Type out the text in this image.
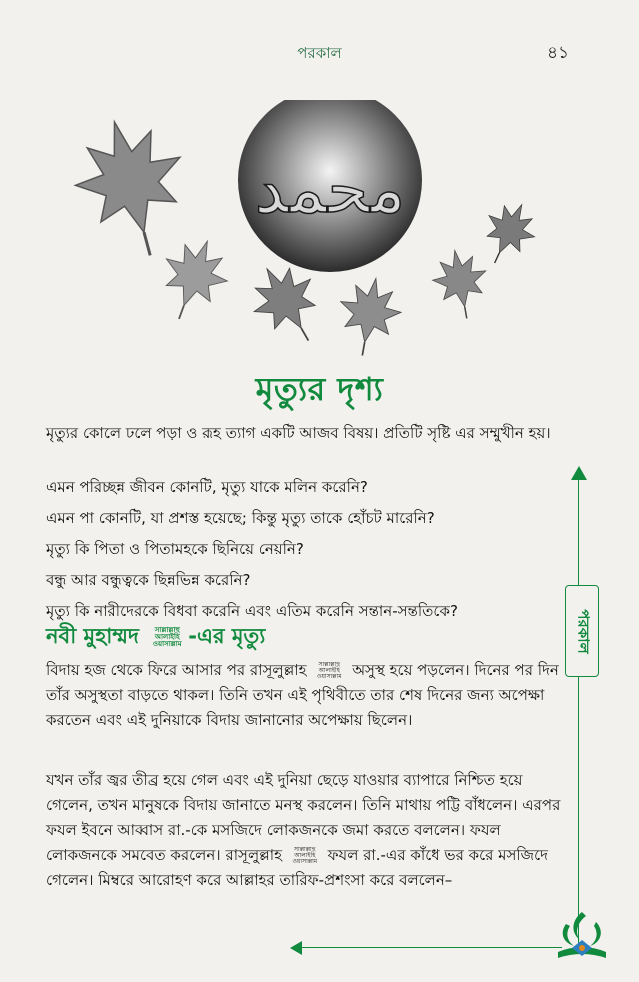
পরকাল	৪১
محمد
মৃত্যুর দৃশ্য

মৃত্যুর কোলে ঢলে পড়া ও রূহ ত্যাগ একটি আজব বিষয়। প্রতিটি সৃষ্টি এর সম্মুখীন হয়।

এমন পরিচ্ছন্ন জীবন কোনটি, মৃত্যু যাকে মলিন করেনি?

এমন পা কোনটি, যা প্রশস্ত হয়েছে; কিন্তু মৃত্যু তাকে হোঁচট মারেনি?

মৃত্যু কি পিতা ও পিতামহকে ছিনিয়ে নেয়নি?

বন্ধু আর বন্ধুত্বকে ছিন্নভিন্ন করেনি?

মৃত্যু কি নারীদেরকে বিধবা করেনি এবং এতিম করেনি সন্তান-সন্ততিকে?

নবী মুহাম্মদ সাল্লাল্লাহু আলাইহি ওয়াসাল্লাম -এর মৃত্যু

বিদায় হজ থেকে ফিরে আসার পর রাসূলুল্লাহ সাল্লাল্লাহু আলাইহি ওয়াসাল্লাম অসুস্থ হয়ে পড়লেন। দিনের পর দিন তাঁর অসুস্থতা বাড়তে থাকল। তিনি তখন এই পৃথিবীতে তার শেষ দিনের জন্য অপেক্ষা করতেন এবং এই দুনিয়াকে বিদায় জানানোর অপেক্ষায় ছিলেন।

যখন তাঁর জ্বর তীব্র হয়ে গেল এবং এই দুনিয়া ছেড়ে যাওয়ার ব্যাপারে নিশ্চিত হয়ে গেলেন, তখন মানুষকে বিদায় জানাতে মনস্থ করলেন। তিনি মাথায় পট্টি বাঁধলেন। এরপর ফযল ইবনে আব্বাস রা.-কে মসজিদে লোকজনকে জমা করতে বললেন। ফযল লোকজনকে সমবেত করলেন। রাসূলুল্লাহ সাল্লাল্লাহু আলাইহি ওয়াসাল্লাম ফযল রা.-এর কাঁধে ভর করে মসজিদে গেলেন। মিম্বরে আরোহণ করে আল্লাহর তারিফ-প্রশংসা করে বললেন–

পরকাল
